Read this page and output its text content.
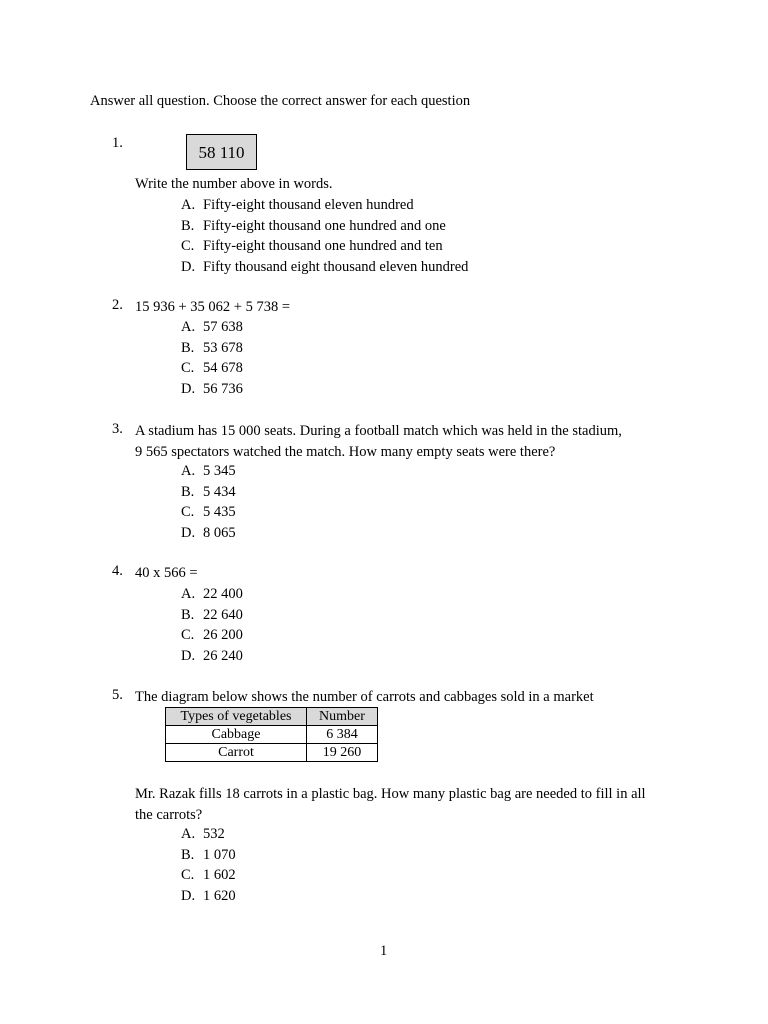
Answer all question. Choose the correct answer for each question
1.	58 110
Write the number above in words.
A. Fifty-eight thousand eleven hundred
B. Fifty-eight thousand one hundred and one
C. Fifty-eight thousand one hundred and ten
D. Fifty thousand eight thousand eleven hundred
2. 15 936 + 35 062 + 5 738 =
A. 57 638
B. 53 678
C. 54 678
D. 56 736
3. A stadium has 15 000 seats. During a football match which was held in the stadium,
9 565 spectators watched the match. How many empty seats were there?
A. 5 345
B. 5 434
C. 5 435
D. 8 065
4. 40 x 566 =
A. 22 400
B. 22 640
C. 26 200
D. 26 240
5. The diagram below shows the number of carrots and cabbages sold in a market
Types of vegetables	Number
Cabbage	6 384
Carrot	19 260
Mr. Razak fills 18 carrots in a plastic bag. How many plastic bag are needed to fill in all
the carrots?
A. 532
B. 1 070
C. 1 602
D. 1 620
1
